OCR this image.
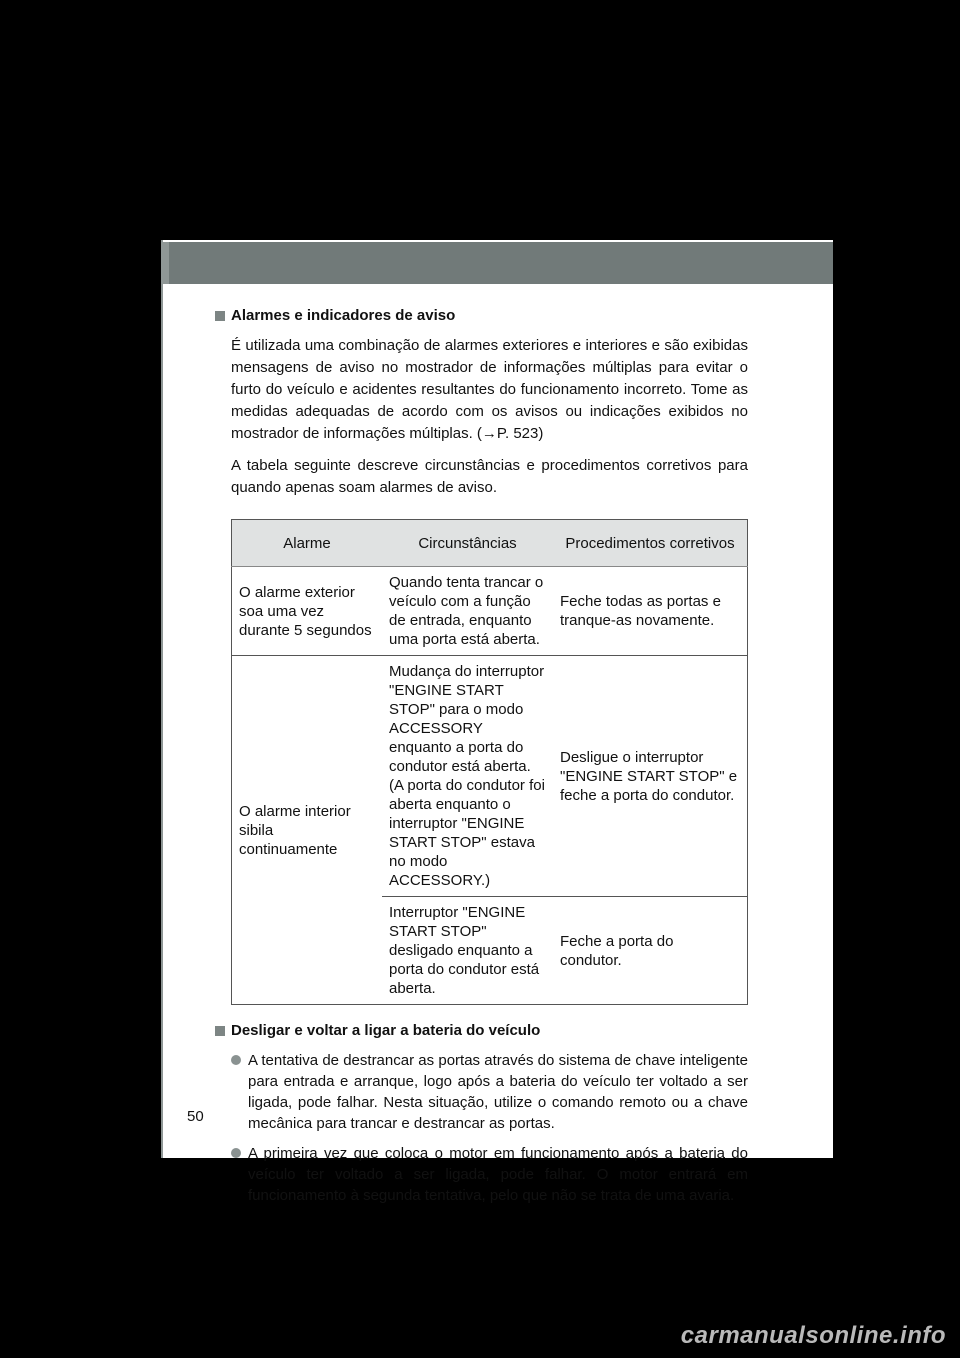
Alarmes e indicadores de aviso

É utilizada uma combinação de alarmes exteriores e interiores e são exibidas mensagens de aviso no mostrador de informações múltiplas para evitar o furto do veículo e acidentes resultantes do funcionamento incorreto. Tome as medidas adequadas de acordo com os avisos ou indicações exibidos no mostrador de informações múltiplas. (→P. 523)

A tabela seguinte descreve circunstâncias e procedimentos corretivos para quando apenas soam alarmes de aviso.

Alarme	Circunstâncias	Procedimentos corretivos
O alarme exterior soa uma vez durante 5 segundos	Quando tenta trancar o veículo com a função de entrada, enquanto uma porta está aberta.	Feche todas as portas e tranque-as novamente.
O alarme interior sibila continuamente	Mudança do interruptor "ENGINE START STOP" para o modo ACCESSORY enquanto a porta do condutor está aberta. (A porta do condutor foi aberta enquanto o interruptor "ENGINE START STOP" estava no modo ACCESSORY.)	Desligue o interruptor "ENGINE START STOP" e feche a porta do condutor.
	Interruptor "ENGINE START STOP" desligado enquanto a porta do condutor está aberta.	Feche a porta do condutor.
Desligar e voltar a ligar a bateria do veículo
A tentativa de destrancar as portas através do sistema de chave inteligente para entrada e arranque, logo após a bateria do veículo ter voltado a ser ligada, pode falhar. Nesta situação, utilize o comando remoto ou a chave mecânica para trancar e destrancar as portas.
A primeira vez que coloca o motor em funcionamento após a bateria do veículo ter voltado a ser ligada, pode falhar. O motor entrará em funcionamento à segunda tentativa, pelo que não se trata de uma avaria.
50
carmanualsonline.info
